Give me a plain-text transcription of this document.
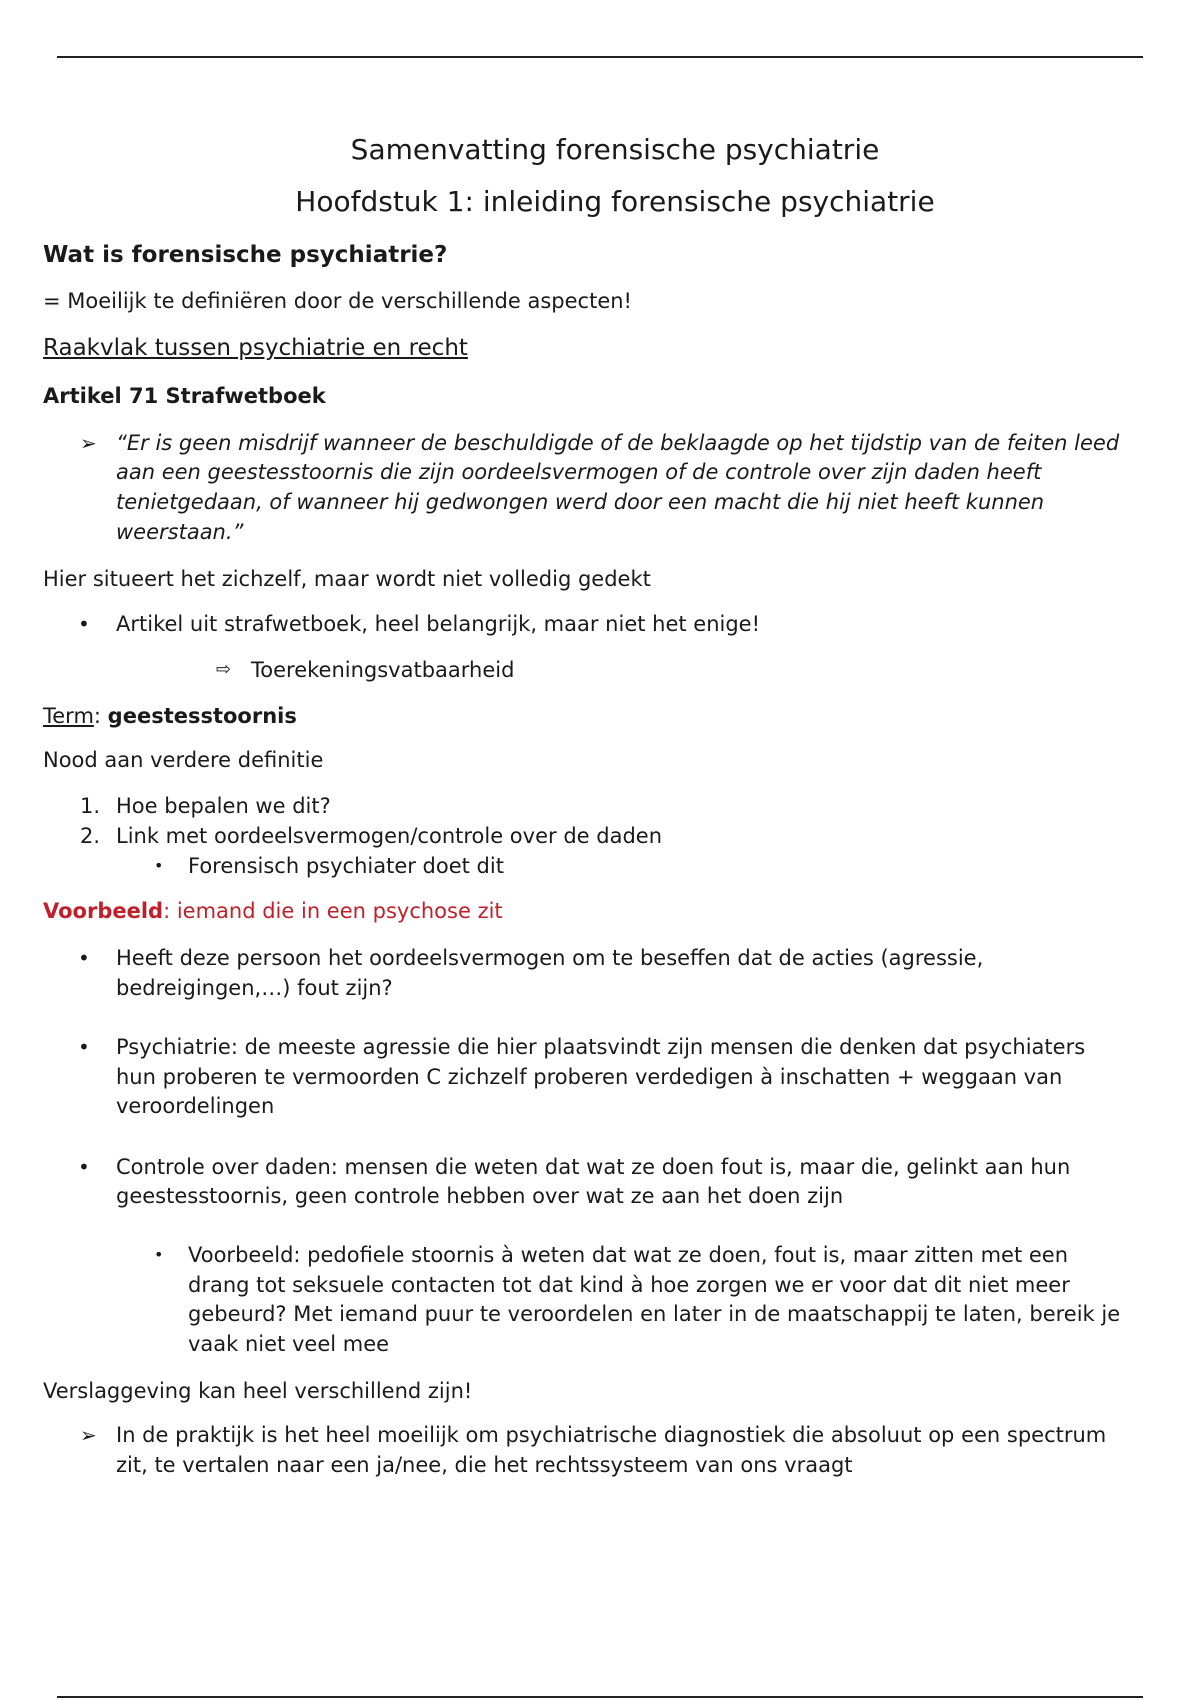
Samenvatting forensische psychiatrie
Hoofdstuk 1: inleiding forensische psychiatrie
Wat is forensische psychiatrie?
= Moeilijk te definiëren door de verschillende aspecten!
Raakvlak tussen psychiatrie en recht
Artikel 71 Strafwetboek
➢ “Er is geen misdrijf wanneer de beschuldigde of de beklaagde op het tijdstip van de feiten leed
aan een geestesstoornis die zijn oordeelsvermogen of de controle over zijn daden heeft
tenietgedaan, of wanneer hij gedwongen werd door een macht die hij niet heeft kunnen
weerstaan.”
Hier situeert het zichzelf, maar wordt niet volledig gedekt
• Artikel uit strafwetboek, heel belangrijk, maar niet het enige!
⇨ Toerekeningsvatbaarheid
Term: geestesstoornis
Nood aan verdere definitie
1. Hoe bepalen we dit?
2. Link met oordeelsvermogen/controle over de daden
• Forensisch psychiater doet dit
Voorbeeld: iemand die in een psychose zit
• Heeft deze persoon het oordeelsvermogen om te beseffen dat de acties (agressie,
bedreigingen,…) fout zijn?
• Psychiatrie: de meeste agressie die hier plaatsvindt zijn mensen die denken dat psychiaters
hun proberen te vermoorden C zichzelf proberen verdedigen à inschatten + weggaan van
veroordelingen
• Controle over daden: mensen die weten dat wat ze doen fout is, maar die, gelinkt aan hun
geestesstoornis, geen controle hebben over wat ze aan het doen zijn
• Voorbeeld: pedofiele stoornis à weten dat wat ze doen, fout is, maar zitten met een
drang tot seksuele contacten tot dat kind à hoe zorgen we er voor dat dit niet meer
gebeurd? Met iemand puur te veroordelen en later in de maatschappij te laten, bereik je
vaak niet veel mee
Verslaggeving kan heel verschillend zijn!
➢ In de praktijk is het heel moeilijk om psychiatrische diagnostiek die absoluut op een spectrum
zit, te vertalen naar een ja/nee, die het rechtssysteem van ons vraagt
